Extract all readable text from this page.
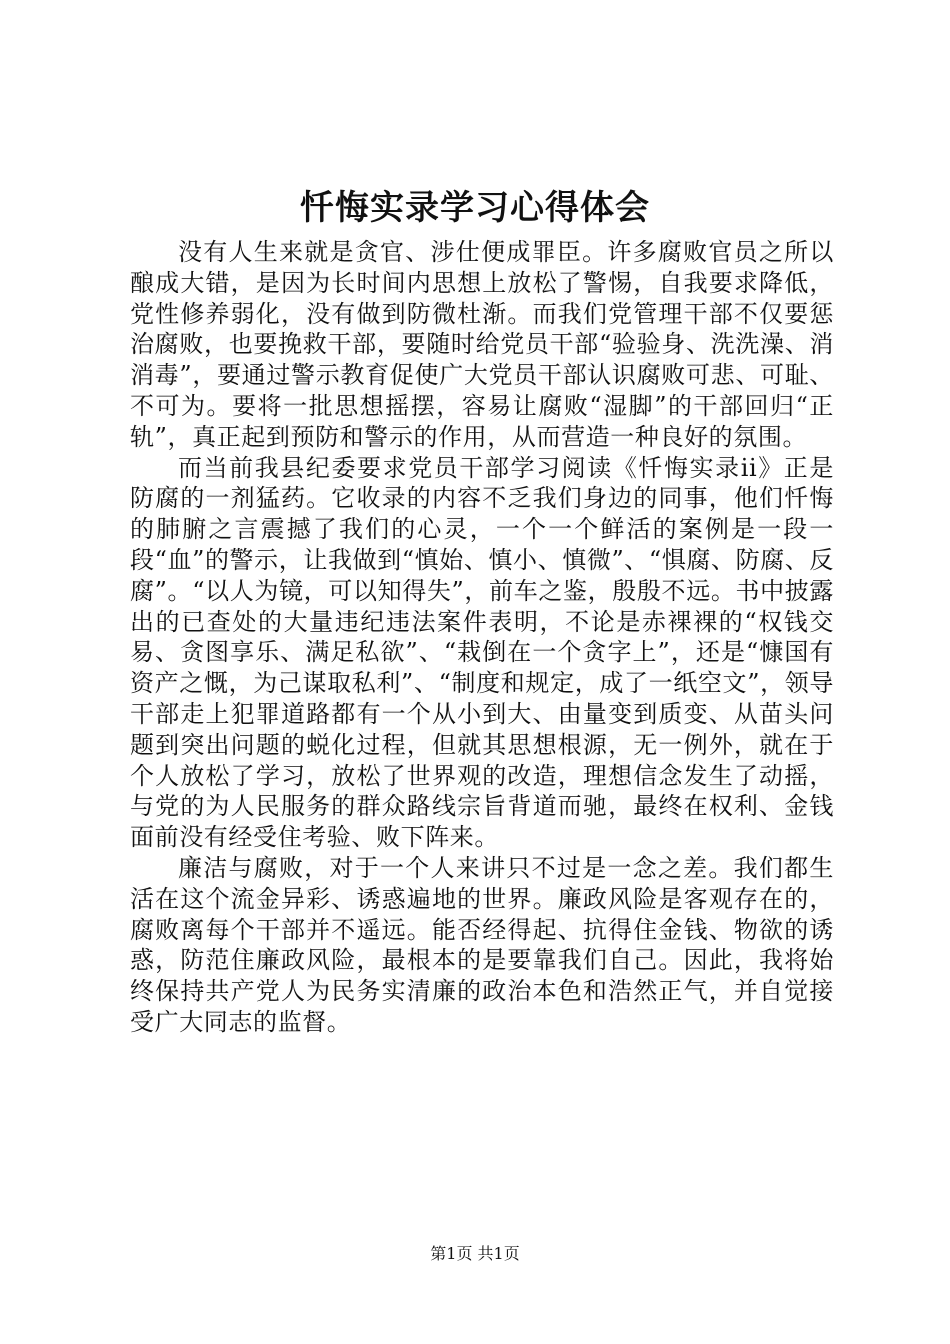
忏悔实录学习心得体会

没有人生来就是贪官、涉仕便成罪臣。许多腐败官员之所以酿成大错，是因为长时间内思想上放松了警惕，自我要求降低，党性修养弱化，没有做到防微杜渐。而我们党管理干部不仅要惩治腐败，也要挽救干部，要随时给党员干部“验验身、洗洗澡、消消毒”，要通过警示教育促使广大党员干部认识腐败可悲、可耻、不可为。要将一批思想摇摆，容易让腐败“湿脚”的干部回归“正轨”，真正起到预防和警示的作用，从而营造一种良好的氛围。

而当前我县纪委要求党员干部学习阅读《忏悔实录ii》正是防腐的一剂猛药。它收录的内容不乏我们身边的同事，他们忏悔的肺腑之言震撼了我们的心灵，一个一个鲜活的案例是一段一段“血”的警示，让我做到“慎始、慎小、慎微”、“惧腐、防腐、反腐”。“以人为镜，可以知得失”，前车之鉴，殷殷不远。书中披露出的已查处的大量违纪违法案件表明，不论是赤裸裸的“权钱交易、贪图享乐、满足私欲”、“栽倒在一个贪字上”，还是“慷国有资产之慨，为己谋取私利”、“制度和规定，成了一纸空文”，领导干部走上犯罪道路都有一个从小到大、由量变到质变、从苗头问题到突出问题的蜕化过程，但就其思想根源，无一例外，就在于个人放松了学习，放松了世界观的改造，理想信念发生了动摇，与党的为人民服务的群众路线宗旨背道而驰，最终在权利、金钱面前没有经受住考验、败下阵来。

廉洁与腐败，对于一个人来讲只不过是一念之差。我们都生活在这个流金异彩、诱惑遍地的世界。廉政风险是客观存在的，腐败离每个干部并不遥远。能否经得起、抗得住金钱、物欲的诱惑，防范住廉政风险，最根本的是要靠我们自己。因此，我将始终保持共产党人为民务实清廉的政治本色和浩然正气，并自觉接受广大同志的监督。

第1页 共1页
